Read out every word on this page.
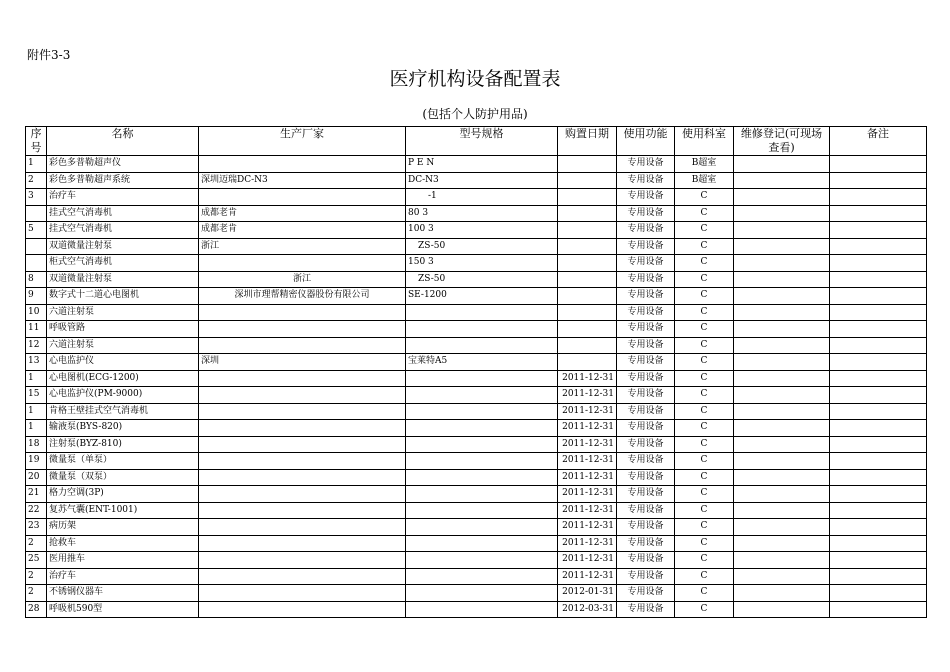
附件3-3
医疗机构设备配置表
(包括个人防护用品)
序号	名称	生产厂家	型号规格	购置日期	使用功能	使用科室	维修登记(可现场查看)	备注
1	彩色多普勒超声仪		P E N		专用设备	B超室		
2	彩色多普勒超声系统	深圳迈瑞DC-N3	DC-N3		专用设备	B超室		
3	治疗车		-1		专用设备	C		
	挂式空气消毒机	成都老肯	80 3		专用设备	C		
5	挂式空气消毒机	成都老肯	100 3		专用设备	C		
	双道微量注射泵	浙江	ZS-50		专用设备	C		
	柜式空气消毒机		150 3		专用设备	C		
8	双道微量注射泵	浙江	ZS-50		专用设备	C		
9	数字式十二道心电图机	深圳市理帮精密仪器股份有限公司	SE-1200		专用设备	C		
10	六道注射泵				专用设备	C		
11	呼吸管路				专用设备	C		
12	六道注射泵				专用设备	C		
13	心电监护仪	深圳	宝莱特A5		专用设备	C		
1	心电图机(ECG-1200)			2011-12-31	专用设备	C		
15	心电监护仪(PM-9000)			2011-12-31	专用设备	C		
1	肯格王壁挂式空气消毒机			2011-12-31	专用设备	C		
1	输液泵(BYS-820)			2011-12-31	专用设备	C		
18	注射泵(BYZ-810)			2011-12-31	专用设备	C		
19	微量泵（单泵）			2011-12-31	专用设备	C		
20	微量泵（双泵）			2011-12-31	专用设备	C		
21	格力空调(3P)			2011-12-31	专用设备	C		
22	复苏气囊(ENT-1001)			2011-12-31	专用设备	C		
23	病历架			2011-12-31	专用设备	C		
2	抢救车			2011-12-31	专用设备	C		
25	医用推车			2011-12-31	专用设备	C		
2	治疗车			2011-12-31	专用设备	C		
2	不锈钢仪器车			2012-01-31	专用设备	C		
28	呼吸机590型			2012-03-31	专用设备	C		
